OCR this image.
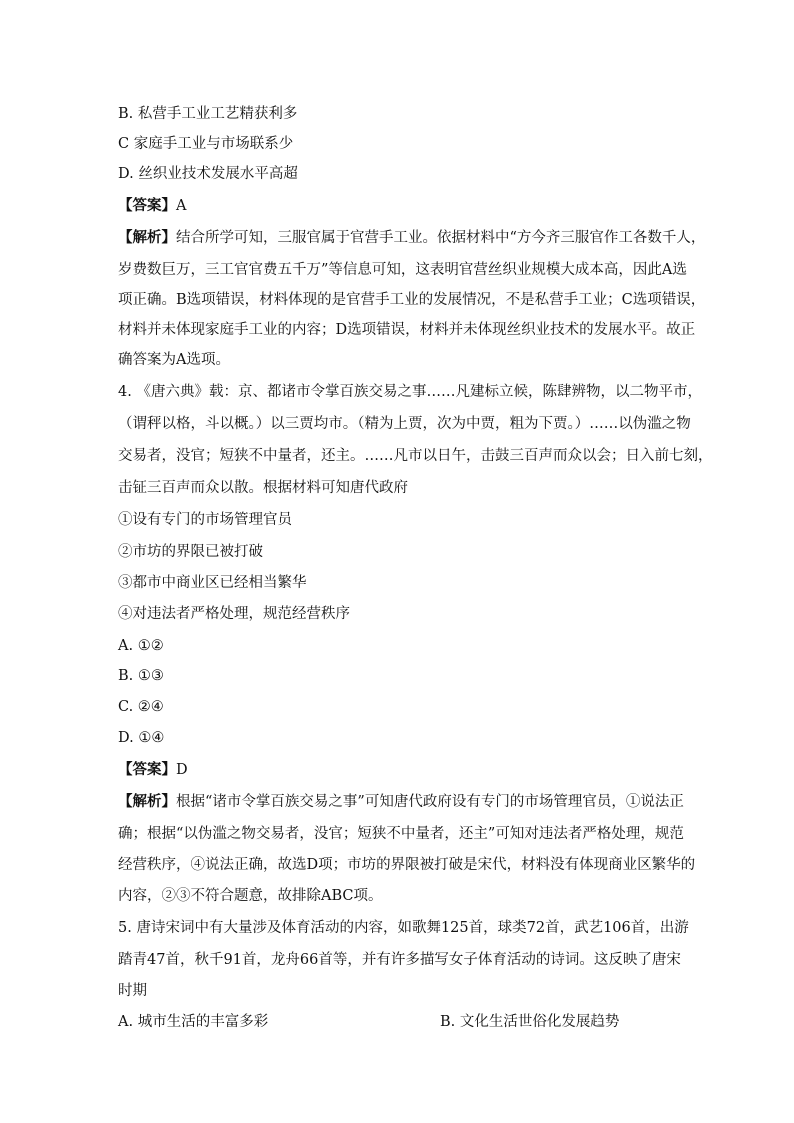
B. 私营手工业工艺精获利多
C 家庭手工业与市场联系少
D. 丝织业技术发展水平高超
【答案】A
【解析】结合所学可知，三服官属于官营手工业。依据材料中“方今齐三服官作工各数千人，
岁费数巨万，三工官官费五千万”等信息可知，这表明官营丝织业规模大成本高，因此A选
项正确。B选项错误，材料体现的是官营手工业的发展情况，不是私营手工业；C选项错误，
材料并未体现家庭手工业的内容；D选项错误，材料并未体现丝织业技术的发展水平。故正
确答案为A选项。
4. 《唐六典》载：京、都诸市令掌百族交易之事……凡建标立候，陈肆辨物，以二物平市，
（谓秤以格，斗以概。）以三贾均市。（精为上贾，次为中贾，粗为下贾。）……以伪滥之物
交易者，没官；短狭不中量者，还主。……凡市以日午，击鼓三百声而众以会；日入前七刻，
击钲三百声而众以散。根据材料可知唐代政府
①设有专门的市场管理官员
②市坊的界限已被打破
③都市中商业区已经相当繁华
④对违法者严格处理，规范经营秩序
A. ①②
B. ①③
C. ②④
D. ①④
【答案】D
【解析】根据“诸市令掌百族交易之事”可知唐代政府设有专门的市场管理官员，①说法正
确；根据“以伪滥之物交易者，没官；短狭不中量者，还主”可知对违法者严格处理，规范
经营秩序，④说法正确，故选D项；市坊的界限被打破是宋代，材料没有体现商业区繁华的
内容，②③不符合题意，故排除ABC项。
5. 唐诗宋词中有大量涉及体育活动的内容，如歌舞125首，球类72首，武艺106首，出游
踏青47首，秋千91首，龙舟66首等，并有许多描写女子体育活动的诗词。这反映了唐宋
时期
A. 城市生活的丰富多彩	B. 文化生活世俗化发展趋势
